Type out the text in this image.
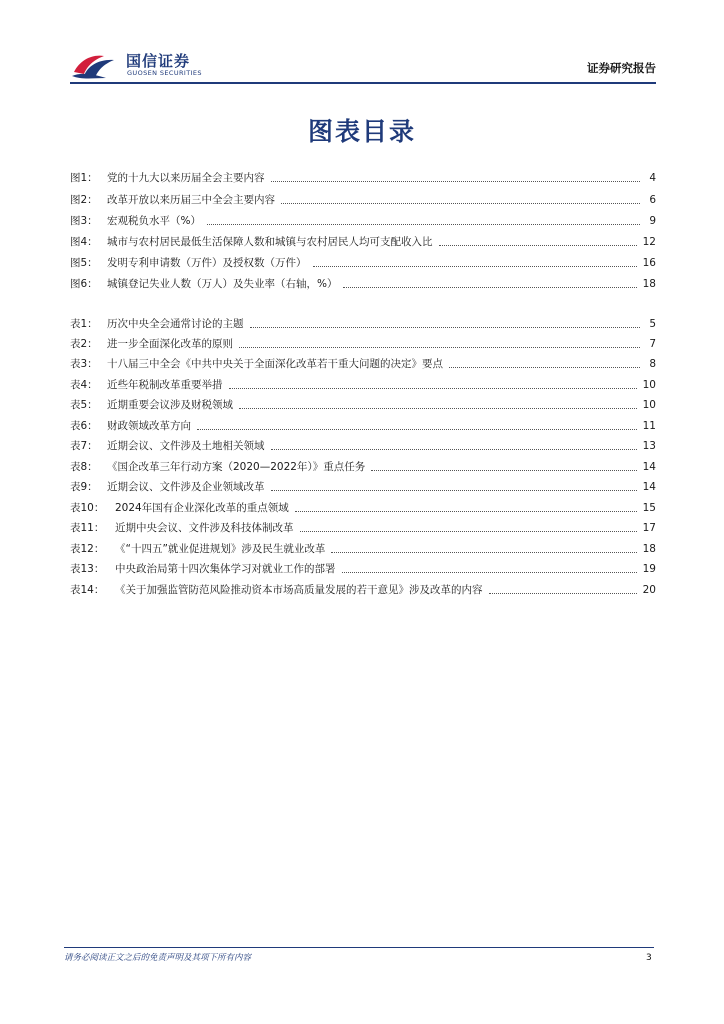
国信证券
GUOSEN SECURITIES	证券研究报告
图表目录
图1： 党的十九大以来历届全会主要内容	4
图2： 改革开放以来历届三中全会主要内容	6
图3： 宏观税负水平（%）	9
图4： 城市与农村居民最低生活保障人数和城镇与农村居民人均可支配收入比	12
图5： 发明专利申请数（万件）及授权数（万件）	16
图6： 城镇登记失业人数（万人）及失业率（右轴，%）	18
表1： 历次中央全会通常讨论的主题	5
表2： 进一步全面深化改革的原则	7
表3： 十八届三中全会《中共中央关于全面深化改革若干重大问题的决定》要点	8
表4： 近些年税制改革重要举措	10
表5： 近期重要会议涉及财税领域	10
表6： 财政领域改革方向	11
表7： 近期会议、文件涉及土地相关领域	13
表8： 《国企改革三年行动方案（2020—2022年）》重点任务	14
表9： 近期会议、文件涉及企业领域改革	14
表10：	2024年国有企业深化改革的重点领域	15
表11：	近期中央会议、文件涉及科技体制改革	17
表12：	《“十四五”就业促进规划》涉及民生就业改革	18
表13：	中央政治局第十四次集体学习对就业工作的部署	19
表14：	《关于加强监管防范风险推动资本市场高质量发展的若干意见》涉及改革的内容	20
请务必阅读正文之后的免责声明及其项下所有内容	3
